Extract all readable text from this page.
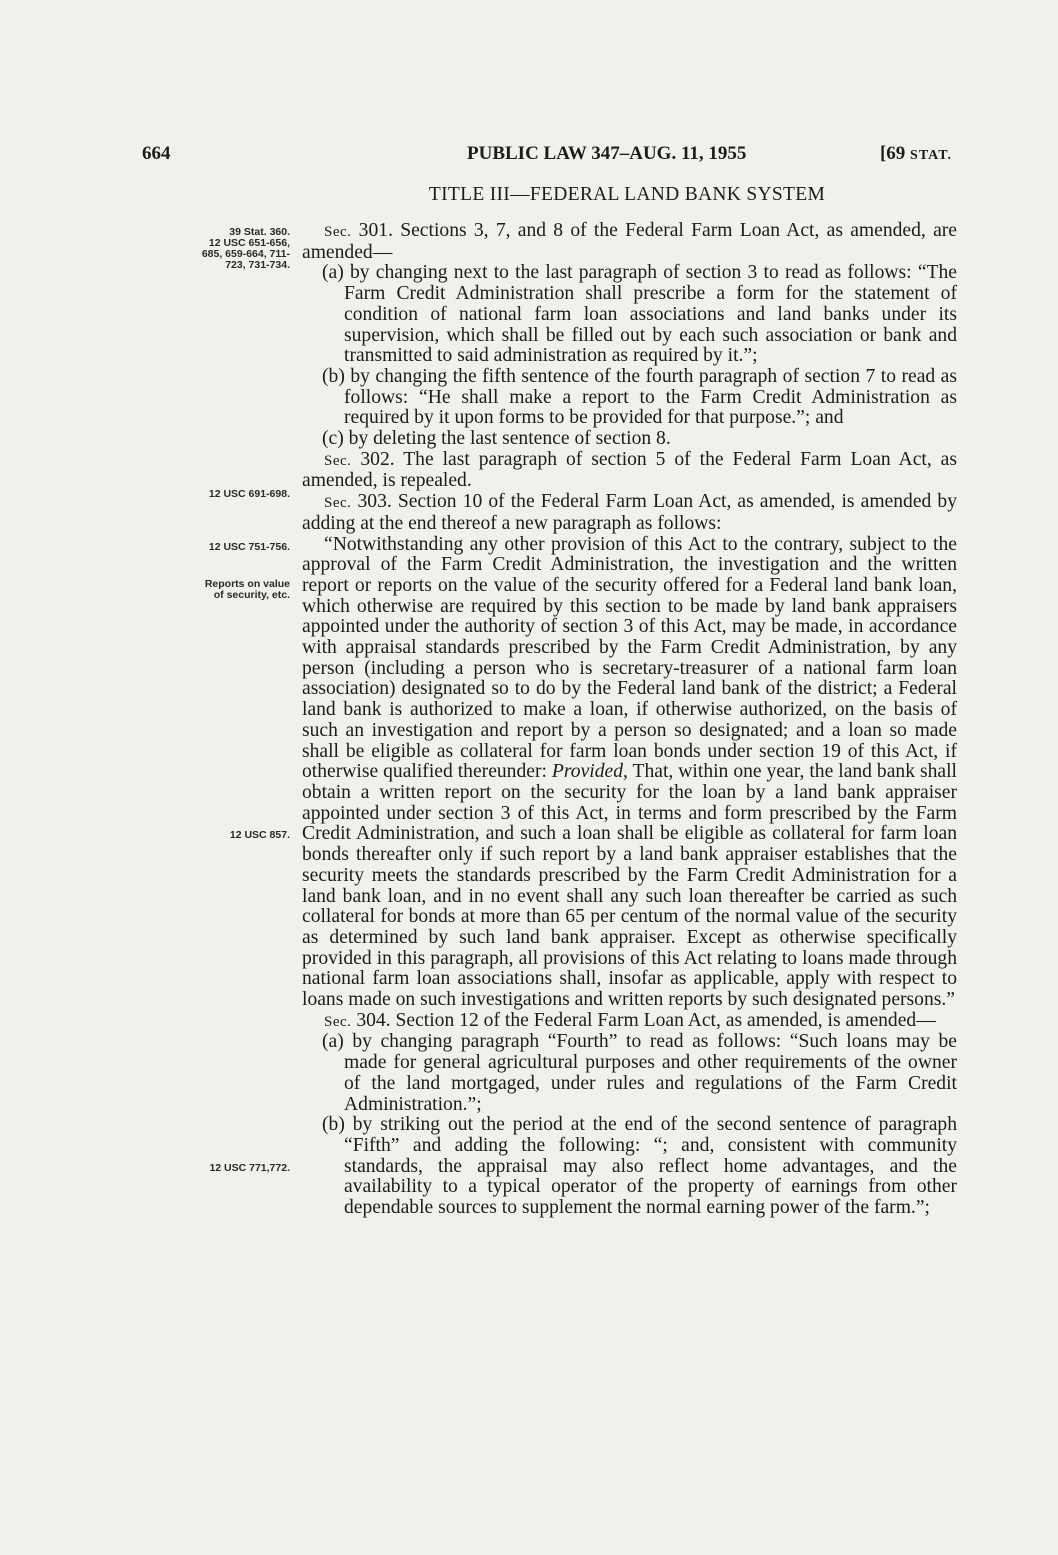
664	PUBLIC LAW 347–AUG. 11, 1955	[69 STAT.
TITLE III—FEDERAL LAND BANK SYSTEM
39 Stat. 360.
12 USC 651-656,
685, 659-664, 711-
723, 731-734.
12 USC 691-698.
12 USC 751-756.
Reports on value
of security, etc.
12 USC 857.
12 USC 771,772.

Sec. 301. Sections 3, 7, and 8 of the Federal Farm Loan Act, as amended, are amended—

(a) by changing next to the last paragraph of section 3 to read as follows: “The Farm Credit Administration shall prescribe a form for the statement of condition of national farm loan associations and land banks under its supervision, which shall be filled out by each such association or bank and transmitted to said administration as required by it.”;

(b) by changing the fifth sentence of the fourth paragraph of section 7 to read as follows: “He shall make a report to the Farm Credit Administration as required by it upon forms to be provided for that purpose.”; and

(c) by deleting the last sentence of section 8.

Sec. 302. The last paragraph of section 5 of the Federal Farm Loan Act, as amended, is repealed.

Sec. 303. Section 10 of the Federal Farm Loan Act, as amended, is amended by adding at the end thereof a new paragraph as follows:

“Notwithstanding any other provision of this Act to the contrary, subject to the approval of the Farm Credit Administration, the investigation and the written report or reports on the value of the security offered for a Federal land bank loan, which otherwise are required by this section to be made by land bank appraisers appointed under the authority of section 3 of this Act, may be made, in accordance with appraisal standards prescribed by the Farm Credit Administration, by any person (including a person who is secretary-treasurer of a national farm loan association) designated so to do by the Federal land bank of the district; a Federal land bank is authorized to make a loan, if otherwise authorized, on the basis of such an investigation and report by a person so designated; and a loan so made shall be eligible as collateral for farm loan bonds under section 19 of this Act, if otherwise qualified thereunder: Provided, That, within one year, the land bank shall obtain a written report on the security for the loan by a land bank appraiser appointed under section 3 of this Act, in terms and form prescribed by the Farm Credit Administration, and such a loan shall be eligible as collateral for farm loan bonds thereafter only if such report by a land bank appraiser establishes that the security meets the standards prescribed by the Farm Credit Administration for a land bank loan, and in no event shall any such loan thereafter be carried as such collateral for bonds at more than 65 per centum of the normal value of the security as determined by such land bank appraiser. Except as otherwise specifically provided in this paragraph, all provisions of this Act relating to loans made through national farm loan associations shall, insofar as applicable, apply with respect to loans made on such investigations and written reports by such designated persons.”

Sec. 304. Section 12 of the Federal Farm Loan Act, as amended, is amended—

(a) by changing paragraph “Fourth” to read as follows: “Such loans may be made for general agricultural purposes and other requirements of the owner of the land mortgaged, under rules and regulations of the Farm Credit Administration.”;

(b) by striking out the period at the end of the second sentence of paragraph “Fifth” and adding the following: “; and, consistent with community standards, the appraisal may also reflect home advantages, and the availability to a typical operator of the property of earnings from other dependable sources to supplement the normal earning power of the farm.”;
